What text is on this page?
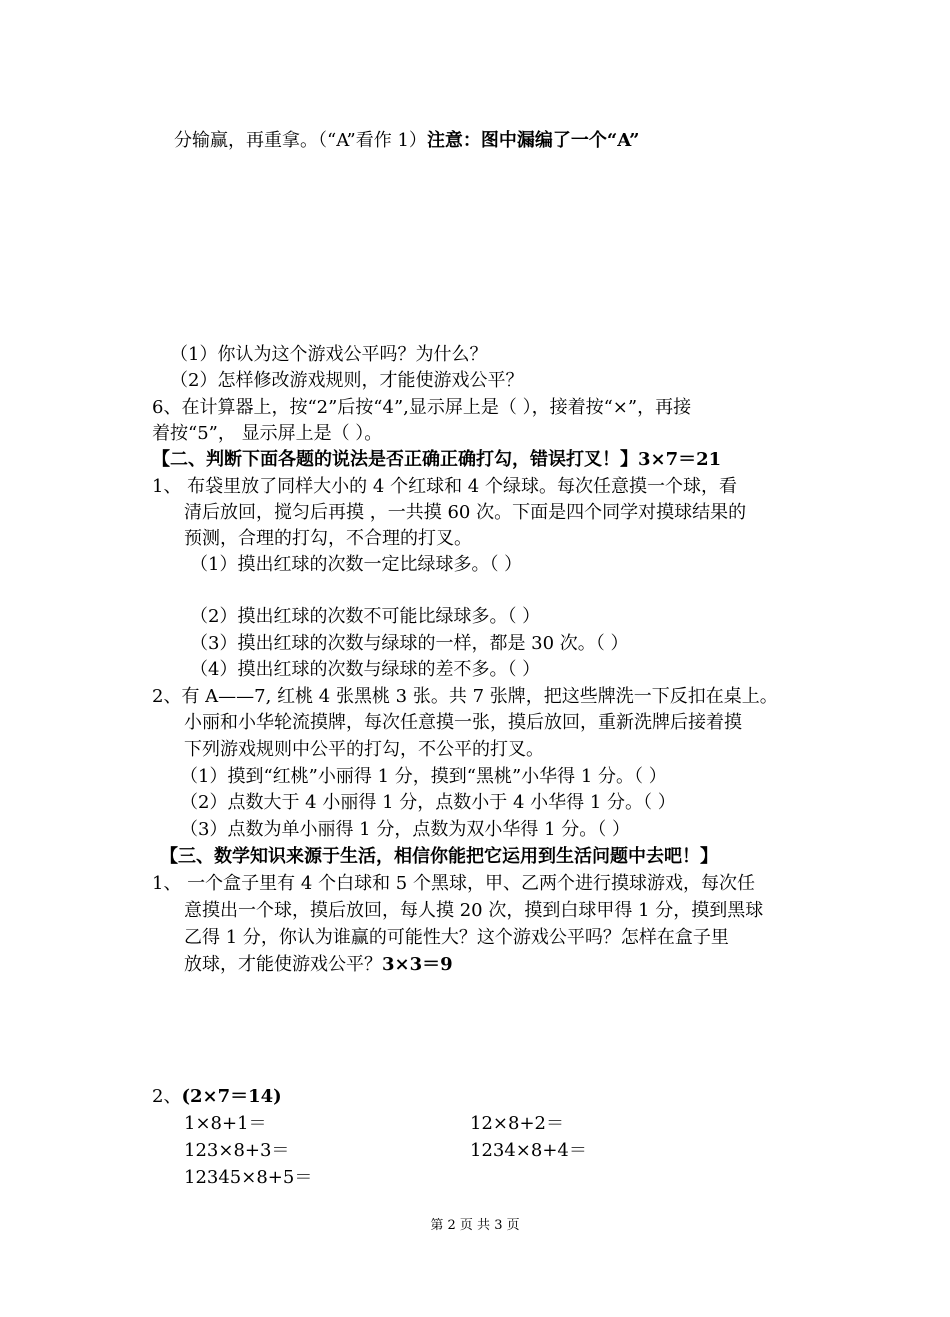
分输赢，再重拿。（“A”看作 1）注意：图中漏编了一个“A”
（1）你认为这个游戏公平吗？为什么？
（2）怎样修改游戏规则，才能使游戏公平？
6、在计算器上，按“2”后按“4”,显示屏上是（ ），接着按“×”，再接
着按“5”， 显示屏上是（ ）。
【二、判断下面各题的说法是否正确正确打勾，错误打叉！】3×7＝21
1、 布袋里放了同样大小的 4 个红球和 4 个绿球。每次任意摸一个球，看
清后放回，搅匀后再摸 ，一共摸 60 次。下面是四个同学对摸球结果的
预测，合理的打勾，不合理的打叉。
（1）摸出红球的次数一定比绿球多。（ ）
（2）摸出红球的次数不可能比绿球多。（ ）
（3）摸出红球的次数与绿球的一样，都是 30 次。（ ）
（4）摸出红球的次数与绿球的差不多。（ ）
2、有 A——7, 红桃 4 张黑桃 3 张。共 7 张牌，把这些牌洗一下反扣在桌上。
小丽和小华轮流摸牌，每次任意摸一张，摸后放回，重新洗牌后接着摸
下列游戏规则中公平的打勾，不公平的打叉。
（1）摸到“红桃”小丽得 1 分，摸到“黑桃”小华得 1 分。（ ）
（2）点数大于 4 小丽得 1 分，点数小于 4 小华得 1 分。（ ）
（3）点数为单小丽得 1 分，点数为双小华得 1 分。（ ）
【三、数学知识来源于生活，相信你能把它运用到生活问题中去吧！】
1、 一个盒子里有 4 个白球和 5 个黑球，甲、乙两个进行摸球游戏，每次任
意摸出一个球，摸后放回，每人摸 20 次，摸到白球甲得 1 分，摸到黑球
乙得 1 分，你认为谁赢的可能性大？这个游戏公平吗？怎样在盒子里
放球，才能使游戏公平？3×3＝9
2、(2×7＝14)
1×8+1＝	12×8+2＝
123×8+3＝	1234×8+4＝
12345×8+5＝
第 2 页 共 3 页
